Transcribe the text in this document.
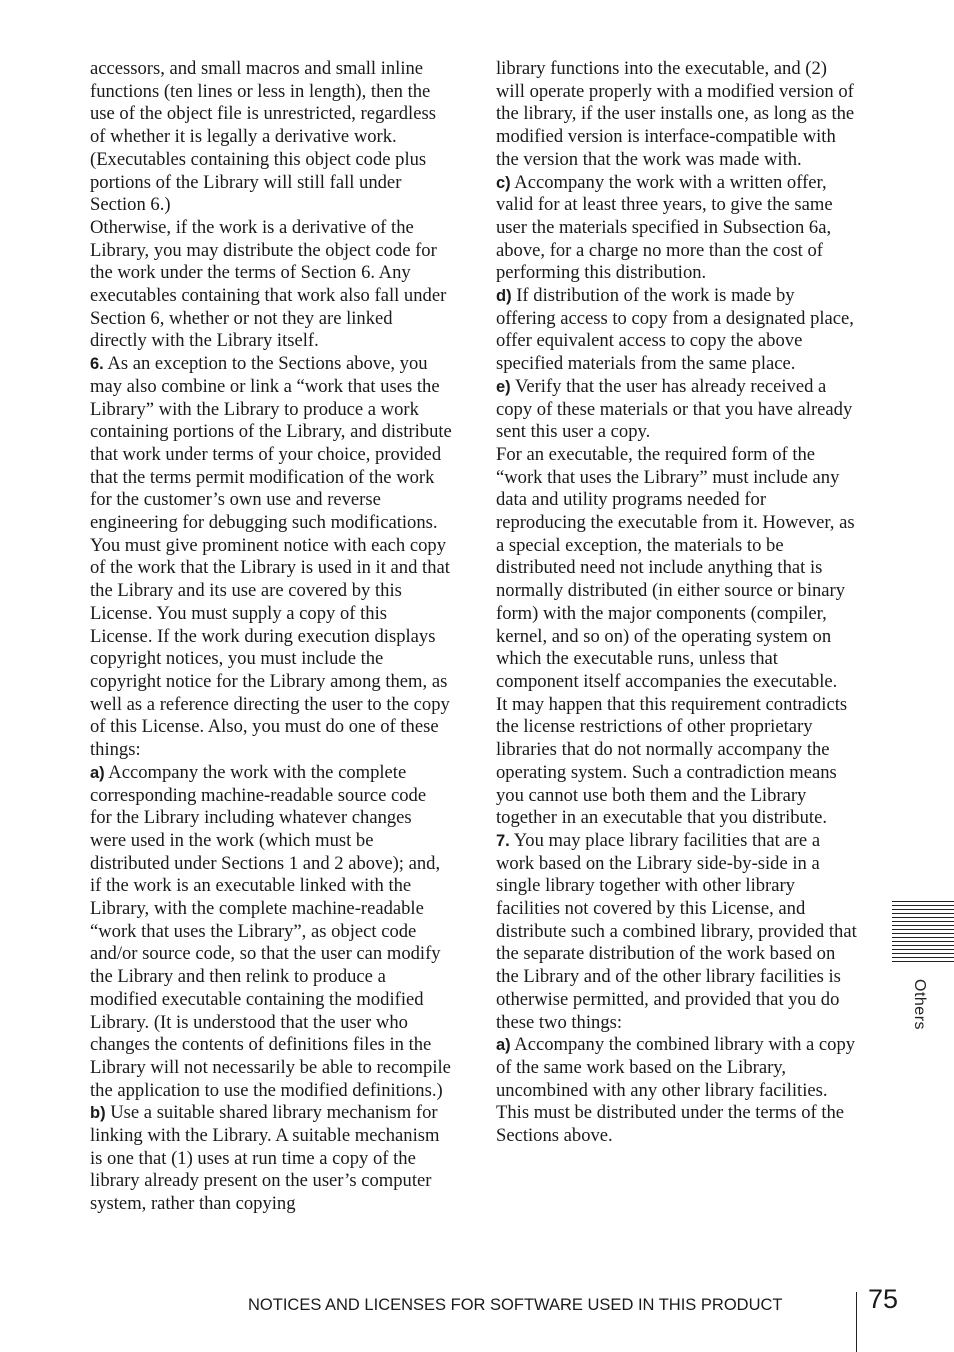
accessors, and small macros and small inline functions (ten lines or less in length), then the use of the object file is unrestricted, regardless of whether it is legally a derivative work. (Executables containing this object code plus portions of the Library will still fall under Section 6.)

Otherwise, if the work is a derivative of the Library, you may distribute the object code for the work under the terms of Section 6. Any executables containing that work also fall under Section 6, whether or not they are linked directly with the Library itself.

6. As an exception to the Sections above, you may also combine or link a “work that uses the Library” with the Library to produce a work containing portions of the Library, and distribute that work under terms of your choice, provided that the terms permit modification of the work for the customer’s own use and reverse engineering for debugging such modifications.

You must give prominent notice with each copy of the work that the Library is used in it and that the Library and its use are covered by this License. You must supply a copy of this License. If the work during execution displays copyright notices, you must include the copyright notice for the Library among them, as well as a reference directing the user to the copy of this License. Also, you must do one of these things:

a) Accompany the work with the complete corresponding machine-readable source code for the Library including whatever changes were used in the work (which must be distributed under Sections 1 and 2 above); and, if the work is an executable linked with the Library, with the complete machine-readable “work that uses the Library”, as object code and/or source code, so that the user can modify the Library and then relink to produce a modified executable containing the modified Library. (It is understood that the user who changes the contents of definitions files in the Library will not necessarily be able to recompile the application to use the modified definitions.)

b) Use a suitable shared library mechanism for linking with the Library. A suitable mechanism is one that (1) uses at run time a copy of the library already present on the user’s computer system, rather than copying

library functions into the executable, and (2) will operate properly with a modified version of the library, if the user installs one, as long as the modified version is interface-compatible with the version that the work was made with.

c) Accompany the work with a written offer, valid for at least three years, to give the same user the materials specified in Subsection 6a, above, for a charge no more than the cost of performing this distribution.

d) If distribution of the work is made by offering access to copy from a designated place, offer equivalent access to copy the above specified materials from the same place.

e) Verify that the user has already received a copy of these materials or that you have already sent this user a copy.

For an executable, the required form of the “work that uses the Library” must include any data and utility programs needed for reproducing the executable from it. However, as a special exception, the materials to be distributed need not include anything that is normally distributed (in either source or binary form) with the major components (compiler, kernel, and so on) of the operating system on which the executable runs, unless that component itself accompanies the executable.

It may happen that this requirement contradicts the license restrictions of other proprietary libraries that do not normally accompany the operating system. Such a contradiction means you cannot use both them and the Library together in an executable that you distribute.

7. You may place library facilities that are a work based on the Library side-by-side in a single library together with other library facilities not covered by this License, and distribute such a combined library, provided that the separate distribution of the work based on the Library and of the other library facilities is otherwise permitted, and provided that you do these two things:

a) Accompany the combined library with a copy of the same work based on the Library, uncombined with any other library facilities. This must be distributed under the terms of the Sections above.

Others
NOTICES AND LICENSES FOR SOFTWARE USED IN THIS PRODUCT	75
